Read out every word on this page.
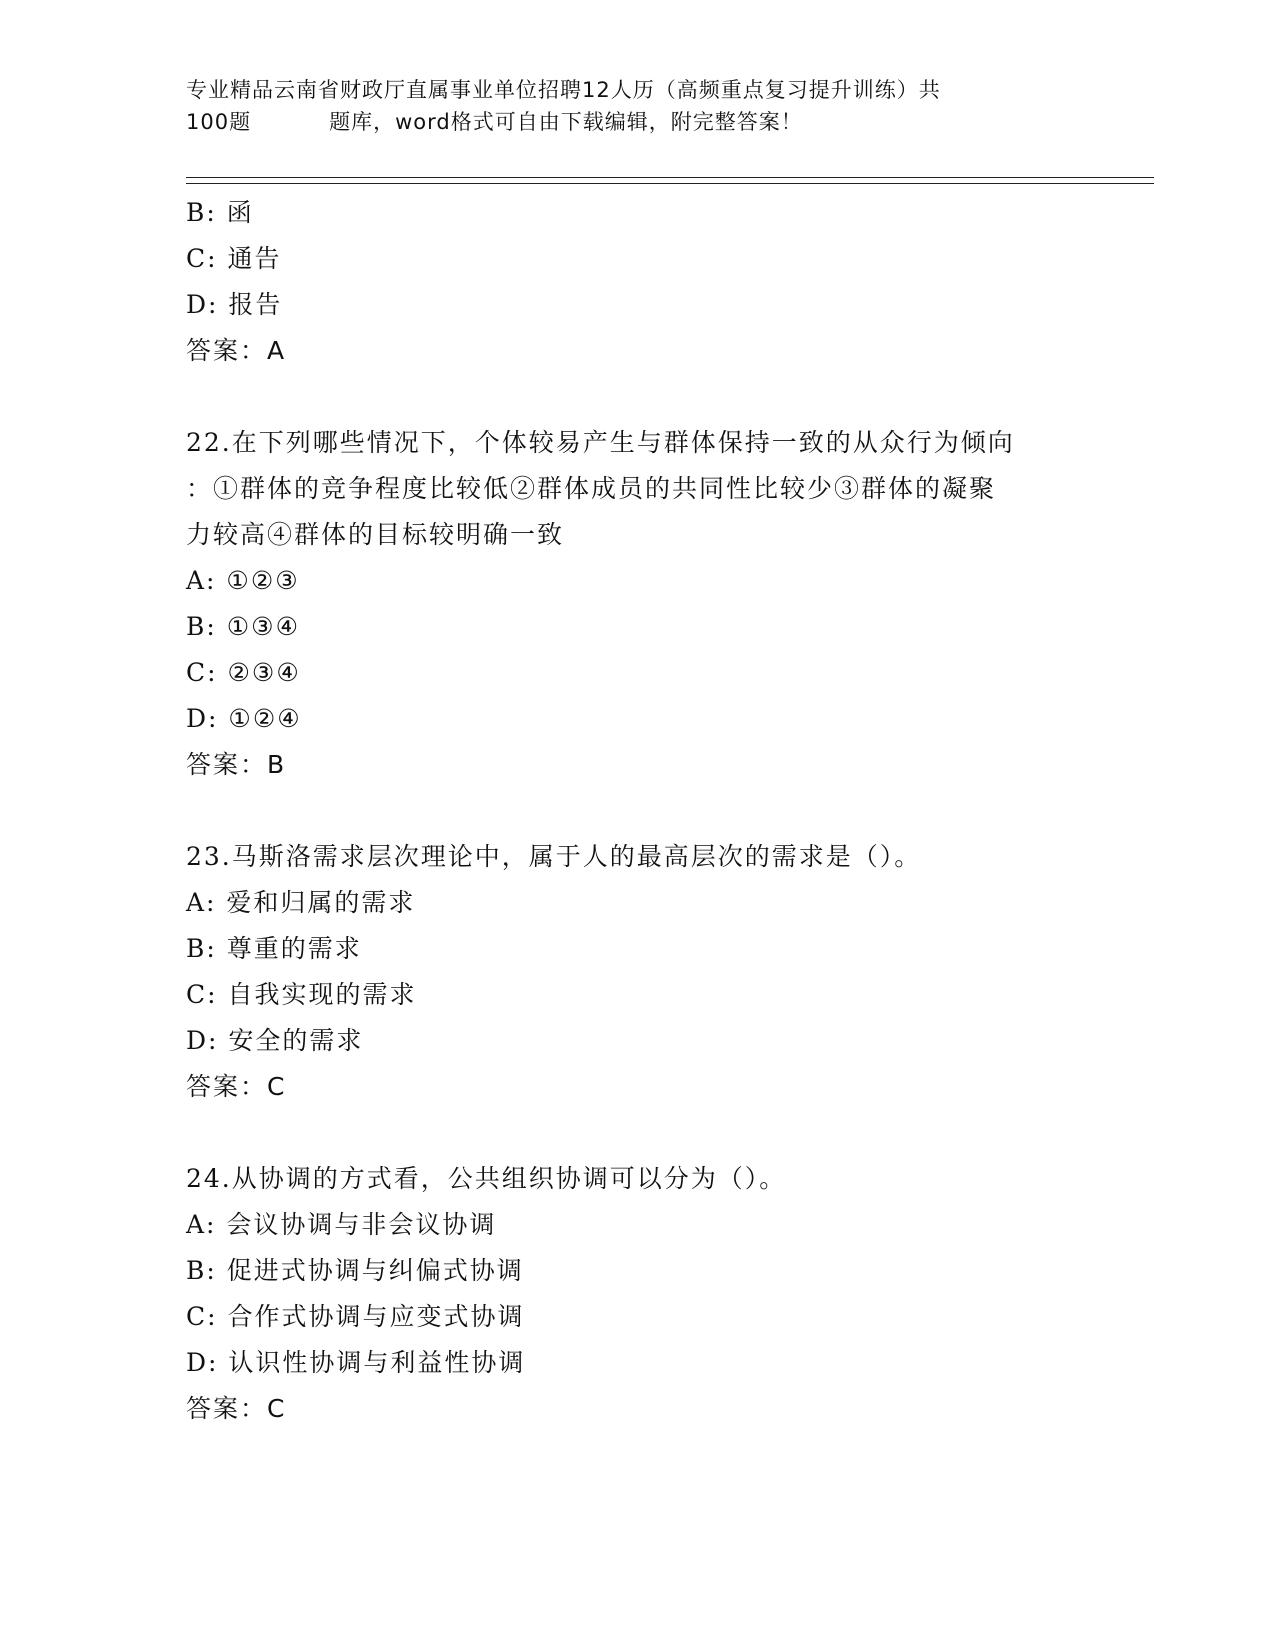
专业精品云南省财政厅直属事业单位招聘12人历（高频重点复习提升训练）共
100题	题库，word格式可自由下载编辑，附完整答案！
B: 函
C: 通告
D: 报告
答案：A
22.在下列哪些情况下，个体较易产生与群体保持一致的从众行为倾向
：①群体的竞争程度比较低②群体成员的共同性比较少③群体的凝聚
力较高④群体的目标较明确一致
A: ①②③
B: ①③④
C: ②③④
D: ①②④
答案：B
23.马斯洛需求层次理论中，属于人的最高层次的需求是（）。
A: 爱和归属的需求
B: 尊重的需求
C: 自我实现的需求
D: 安全的需求
答案：C
24.从协调的方式看，公共组织协调可以分为（）。
A: 会议协调与非会议协调
B: 促进式协调与纠偏式协调
C: 合作式协调与应变式协调
D: 认识性协调与利益性协调
答案：C
